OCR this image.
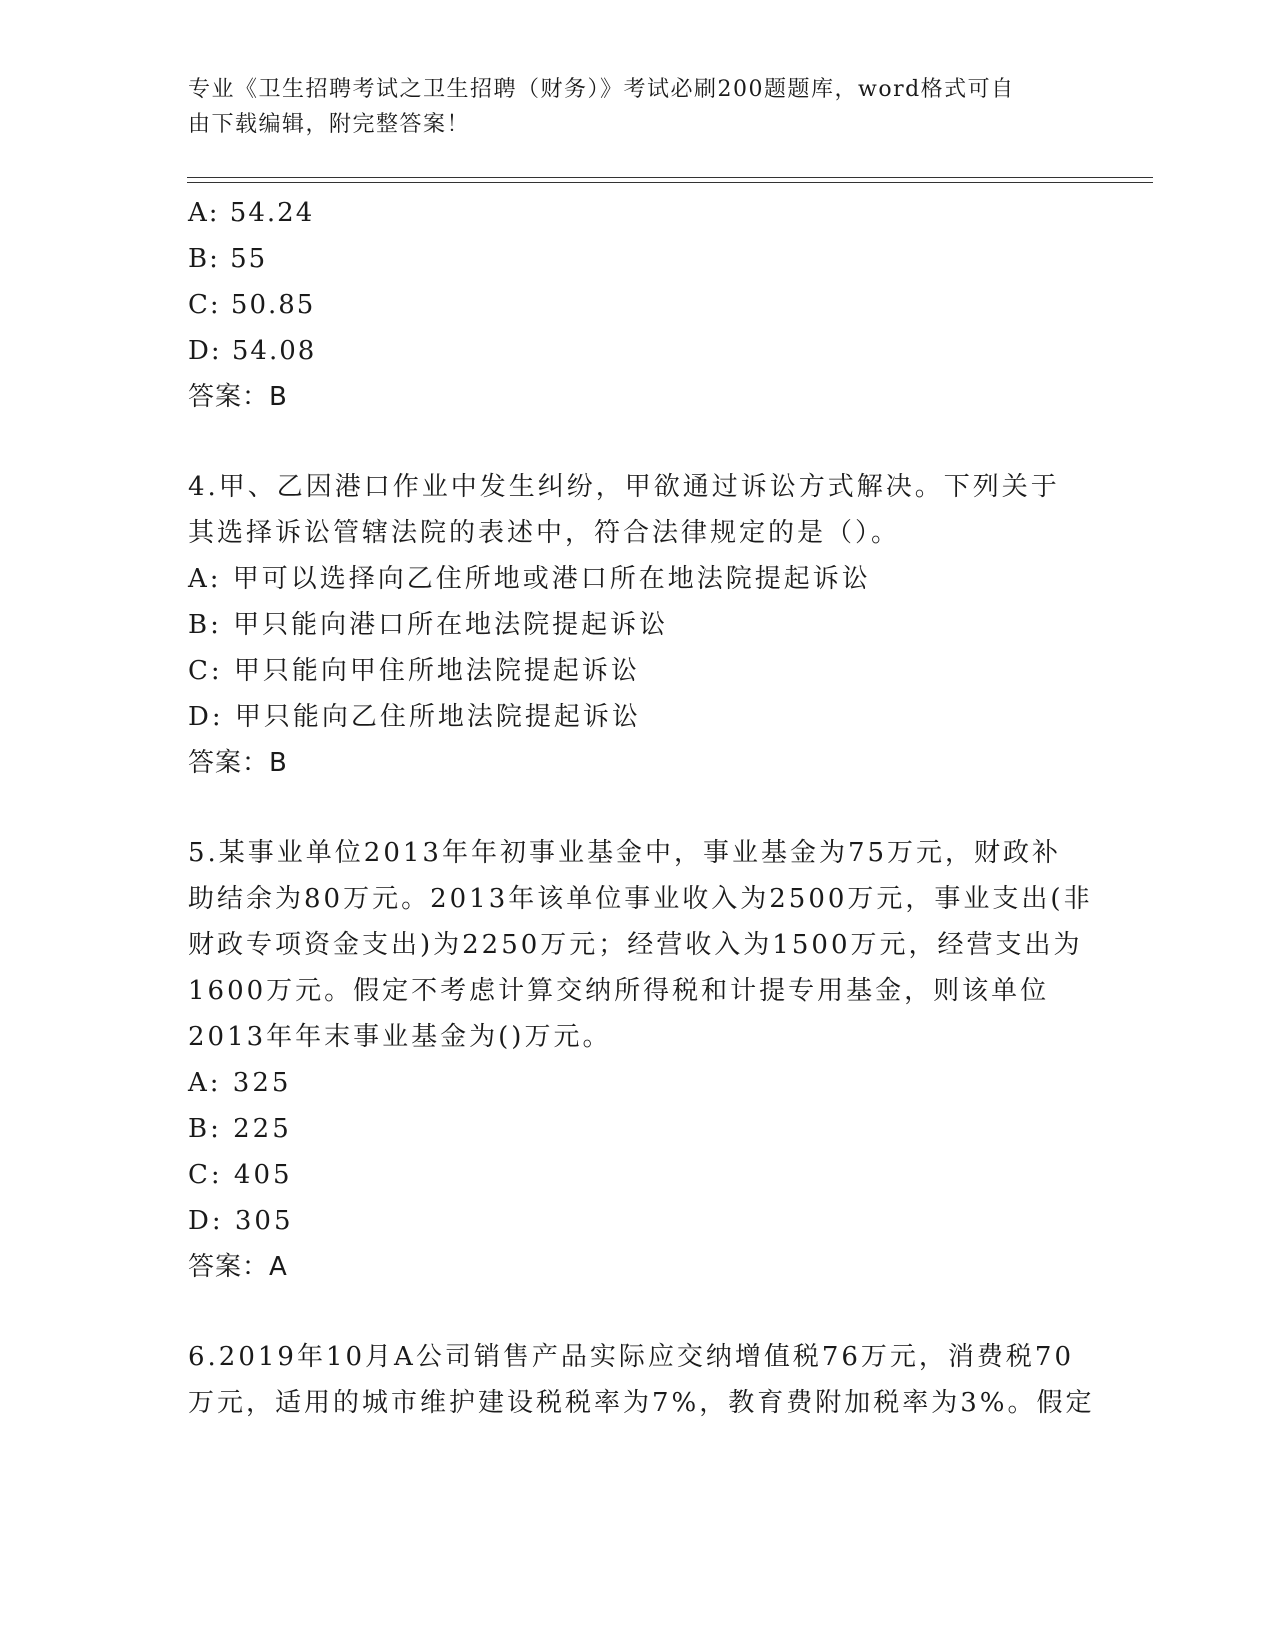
专业《卫生招聘考试之卫生招聘（财务）》考试必刷200题题库，word格式可自
由下载编辑，附完整答案！
A: 54.24
B: 55
C: 50.85
D: 54.08
答案：B
4.甲、乙因港口作业中发生纠纷，甲欲通过诉讼方式解决。下列关于
其选择诉讼管辖法院的表述中，符合法律规定的是（）。
A: 甲可以选择向乙住所地或港口所在地法院提起诉讼
B: 甲只能向港口所在地法院提起诉讼
C: 甲只能向甲住所地法院提起诉讼
D: 甲只能向乙住所地法院提起诉讼
答案：B
5.某事业单位2013年年初事业基金中，事业基金为75万元，财政补
助结余为80万元。2013年该单位事业收入为2500万元，事业支出(非
财政专项资金支出)为2250万元；经营收入为1500万元，经营支出为
1600万元。假定不考虑计算交纳所得税和计提专用基金，则该单位
2013年年末事业基金为()万元。
A: 325
B: 225
C: 405
D: 305
答案：A
6.2019年10月A公司销售产品实际应交纳增值税76万元，消费税70
万元，适用的城市维护建设税税率为7%，教育费附加税率为3%。假定
